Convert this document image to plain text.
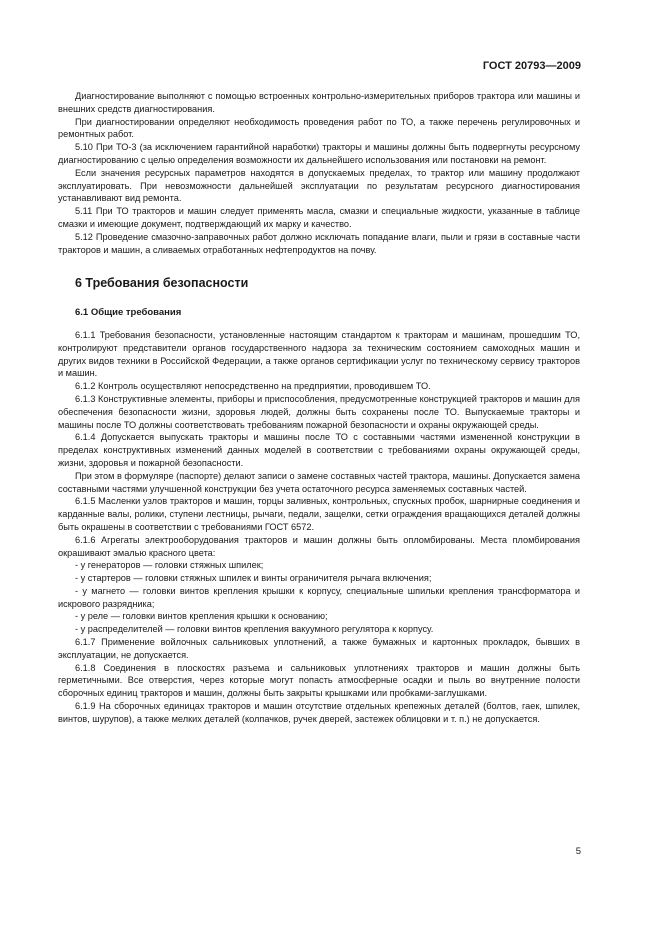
ГОСТ 20793—2009

Диагностирование выполняют с помощью встроенных контрольно-измерительных приборов трактора или машины и внешних средств диагностирования.

При диагностировании определяют необходимость проведения работ по ТО, а также перечень регулировочных и ремонтных работ.

5.10 При ТО-3 (за исключением гарантийной наработки) тракторы и машины должны быть подвергнуты ресурсному диагностированию с целью определения возможности их дальнейшего использования или постановки на ремонт.

Если значения ресурсных параметров находятся в допускаемых пределах, то трактор или машину продолжают эксплуатировать. При невозможности дальнейшей эксплуатации по результатам ресурсного диагностирования устанавливают вид ремонта.

5.11 При ТО тракторов и машин следует применять масла, смазки и специальные жидкости, указанные в таблице смазки и имеющие документ, подтверждающий их марку и качество.

5.12 Проведение смазочно-заправочных работ должно исключать попадание влаги, пыли и грязи в составные части тракторов и машин, а сливаемых отработанных нефтепродуктов на почву.

6 Требования безопасности
6.1 Общие требования

6.1.1 Требования безопасности, установленные настоящим стандартом к тракторам и машинам, прошедшим ТО, контролируют представители органов государственного надзора за техническим состоянием самоходных машин и других видов техники в Российской Федерации, а также органов сертификации услуг по техническому сервису тракторов и машин.

6.1.2 Контроль осуществляют непосредственно на предприятии, проводившем ТО.

6.1.3 Конструктивные элементы, приборы и приспособления, предусмотренные конструкцией тракторов и машин для обеспечения безопасности жизни, здоровья людей, должны быть сохранены после ТО. Выпускаемые тракторы и машины после ТО должны соответствовать требованиям пожарной безопасности и охраны окружающей среды.

6.1.4 Допускается выпускать тракторы и машины после ТО с составными частями измененной конструкции в пределах конструктивных изменений данных моделей в соответствии с требованиями охраны окружающей среды, жизни, здоровья и пожарной безопасности.

При этом в формуляре (паспорте) делают записи о замене составных частей трактора, машины. Допускается замена составными частями улучшенной конструкции без учета остаточного ресурса заменяемых составных частей.

6.1.5 Масленки узлов тракторов и машин, торцы заливных, контрольных, спускных пробок, шарнирные соединения и карданные валы, ролики, ступени лестницы, рычаги, педали, защелки, сетки ограждения вращающихся деталей должны быть окрашены в соответствии с требованиями ГОСТ 6572.

6.1.6 Агрегаты электрооборудования тракторов и машин должны быть опломбированы. Места пломбирования окрашивают эмалью красного цвета:

- у генераторов — головки стяжных шпилек;

- у стартеров — головки стяжных шпилек и винты ограничителя рычага включения;

- у магнето — головки винтов крепления крышки к корпусу, специальные шпильки крепления трансформатора и искрового разрядника;

- у реле — головки винтов крепления крышки к основанию;

- у распределителей — головки винтов крепления вакуумного регулятора к корпусу.

6.1.7 Применение войлочных сальниковых уплотнений, а также бумажных и картонных прокладок, бывших в эксплуатации, не допускается.

6.1.8 Соединения в плоскостях разъема и сальниковых уплотнениях тракторов и машин должны быть герметичными. Все отверстия, через которые могут попасть атмосферные осадки и пыль во внутренние полости сборочных единиц тракторов и машин, должны быть закрыты крышками или пробками-заглушками.

6.1.9 На сборочных единицах тракторов и машин отсутствие отдельных крепежных деталей (болтов, гаек, шпилек, винтов, шурупов), а также мелких деталей (колпачков, ручек дверей, застежек облицовки и т. п.) не допускается.

5
